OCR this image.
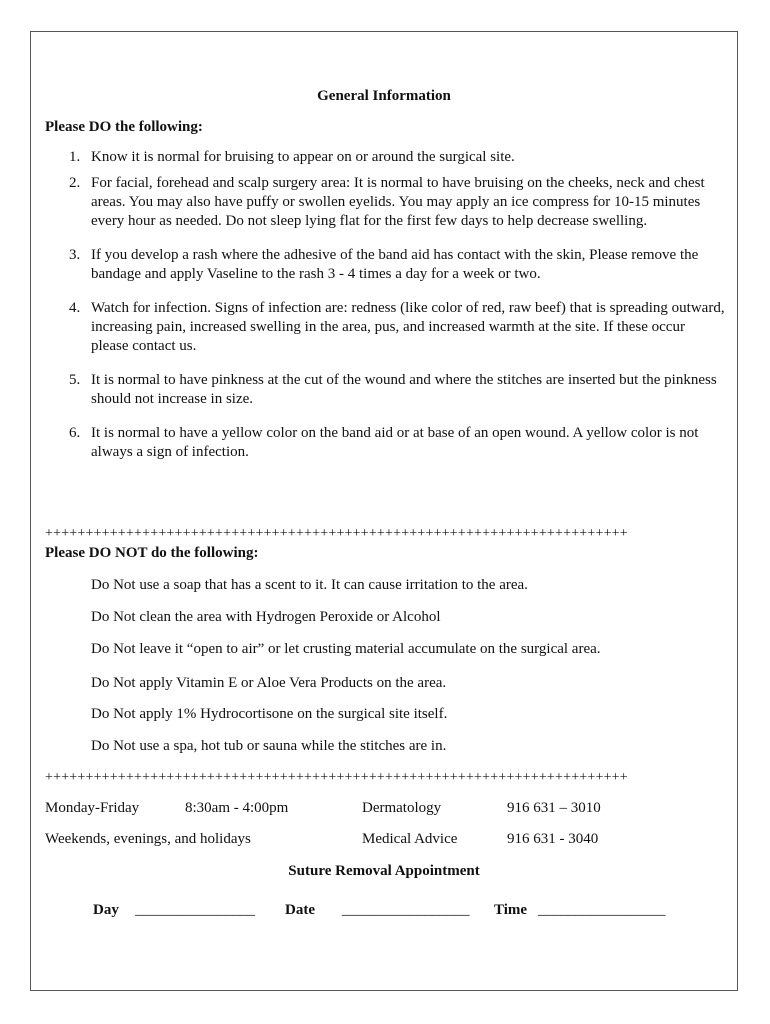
General Information
Please DO the following:
1. Know it is normal for bruising to appear on or around the surgical site.
2. For facial, forehead and scalp surgery area: It is normal to have bruising on the cheeks, neck and chest areas. You may also have puffy or swollen eyelids. You may apply an ice compress for 10-15 minutes every hour as needed. Do not sleep lying flat for the first few days to help decrease swelling.
3. If you develop a rash where the adhesive of the band aid has contact with the skin, Please remove the bandage and apply Vaseline to the rash 3 - 4 times a day for a week or two.
4. Watch for infection. Signs of infection are: redness (like color of red, raw beef) that is spreading outward, increasing pain, increased swelling in the area, pus, and increased warmth at the site. If these occur please contact us.
5. It is normal to have pinkness at the cut of the wound and where the stitches are inserted but the pinkness should not increase in size.
6. It is normal to have a yellow color on the band aid or at base of an open wound. A yellow color is not always a sign of infection.
++++++++++++++++++++++++++++++++++++++++++++++++++++++++++++++++++++++++
Please DO NOT do the following:
Do Not use a soap that has a scent to it. It can cause irritation to the area.
Do Not clean the area with Hydrogen Peroxide or Alcohol
Do Not leave it “open to air” or let crusting material accumulate on the surgical area.
Do Not apply Vitamin E or Aloe Vera Products on the area.
Do Not apply 1% Hydrocortisone on the surgical site itself.
Do Not use a spa, hot tub or sauna while the stitches are in.
++++++++++++++++++++++++++++++++++++++++++++++++++++++++++++++++++++++++
Monday-Friday	8:30am - 4:00pm	Dermatology	916 631 – 3010
Weekends, evenings, and holidays	Medical Advice	916 631 - 3040
Suture Removal Appointment
Day ________________ Date _________________ Time _________________
